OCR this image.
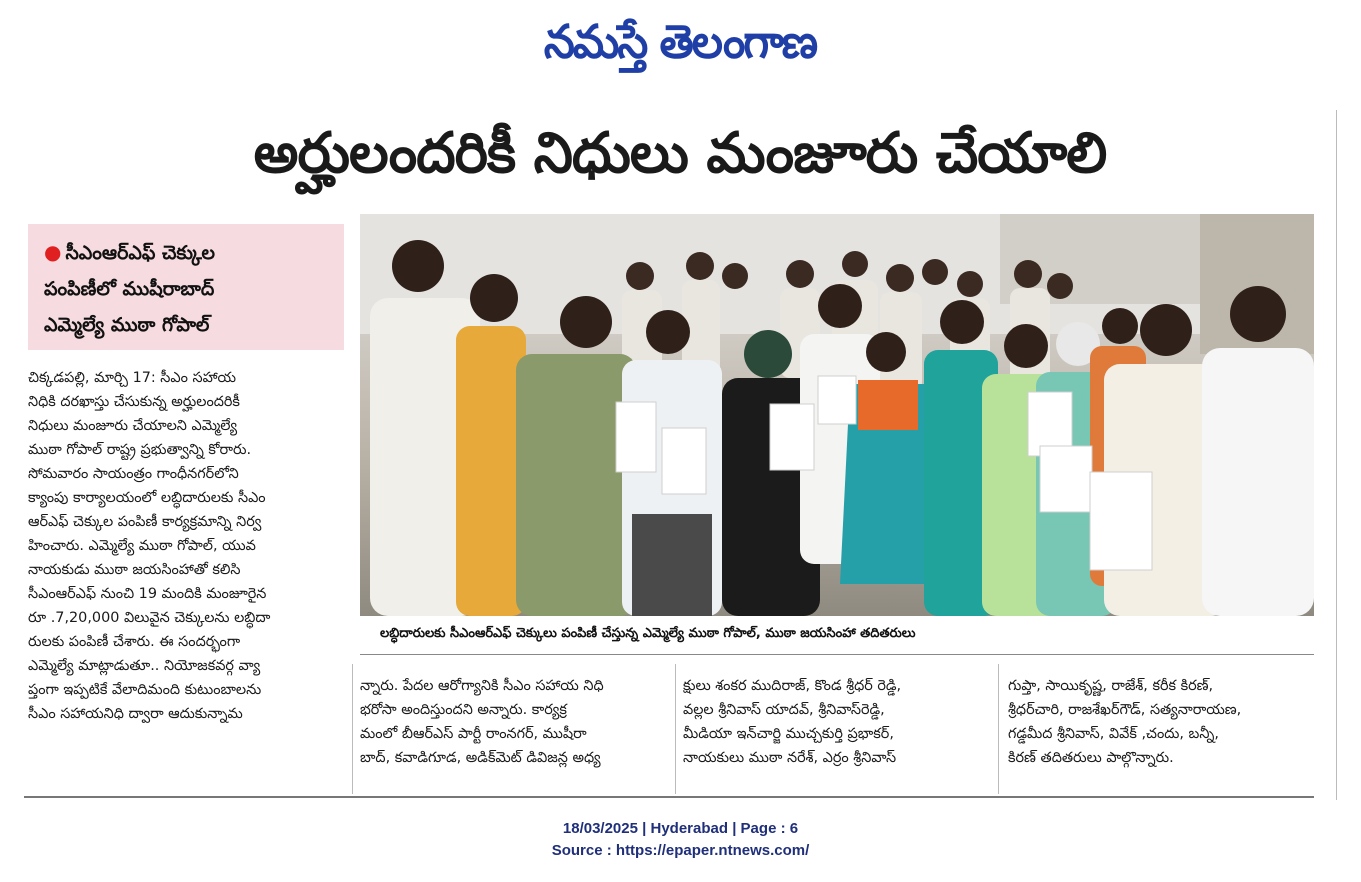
నమస్తే తెలంగాణ
అర్హులందరికీ నిధులు మంజూరు చేయాలి
● సీఎంఆర్ఎఫ్ చెక్కుల
పంపిణీలో ముషీరాబాద్
ఎమ్మెల్యే ముఠా గోపాల్
లబ్ధిదారులకు సీఎంఆర్ఎఫ్ చెక్కులు పంపిణీ చేస్తున్న ఎమ్మెల్యే ముఠా గోపాల్, ముఠా జయసింహా తదితరులు
చిక్కడపల్లి, మార్చి 17: సీఎం సహాయ
నిధికి దరఖాస్తు చేసుకున్న అర్హులందరికీ
నిధులు మంజూరు చేయాలని ఎమ్మెల్యే
ముఠా గోపాల్ రాష్ట్ర ప్రభుత్వాన్ని కోరారు.
సోమవారం సాయంత్రం గాంధీనగర్‌లోని
క్యాంపు కార్యాలయంలో లబ్ధిదారులకు సీఎం
ఆర్ఎఫ్ చెక్కుల పంపిణీ కార్యక్రమాన్ని నిర్వ
హించారు. ఎమ్మెల్యే ముఠా గోపాల్, యువ
నాయకుడు ముఠా జయసింహాతో కలిసి
సీఎంఆర్ఎఫ్ నుంచి 19 మందికి మంజూరైన
రూ .7,20,000 విలువైన చెక్కులను లబ్ధిదా
రులకు పంపిణీ చేశారు. ఈ సందర్భంగా
ఎమ్మెల్యే మాట్లాడుతూ.. నియోజకవర్గ వ్యా
ప్తంగా ఇప్పటికే వేలాదిమంది కుటుంబాలను
సీఎం సహాయనిధి ద్వారా ఆదుకున్నామ
న్నారు. పేదల ఆరోగ్యానికి సీఎం సహాయ నిధి
భరోసా అందిస్తుందని అన్నారు. కార్యక్ర
మంలో బీఆర్ఎస్ పార్టీ రాంనగర్, ముషీరా
బాద్, కవాడిగూడ, అడిక్‌మెట్ డివిజన్ల అధ్య
క్షులు శంకర ముదిరాజ్, కొండ శ్రీధర్ రెడ్డి,
వల్లల శ్రీనివాస్ యాదవ్, శ్రీనివాస్‌రెడ్డి,
మీడియా ఇన్‌చార్జి ముచ్చకుర్తి ప్రభాకర్,
నాయకులు ముఠా నరేశ్, ఎర్రం శ్రీనివాస్
గుప్తా, సాయికృష్ణ, రాజేశ్, కరీక కిరణ్,
శ్రీధర్‌చారి, రాజశేఖర్‌గౌడ్, సత్యనారాయణ,
గడ్డమీద శ్రీనివాస్, వివేక్ ,చందు, బన్నీ,
కిరణ్ తదితరులు పాల్గొన్నారు.
18/03/2025 | Hyderabad | Page : 6
Source : https://epaper.ntnews.com/
